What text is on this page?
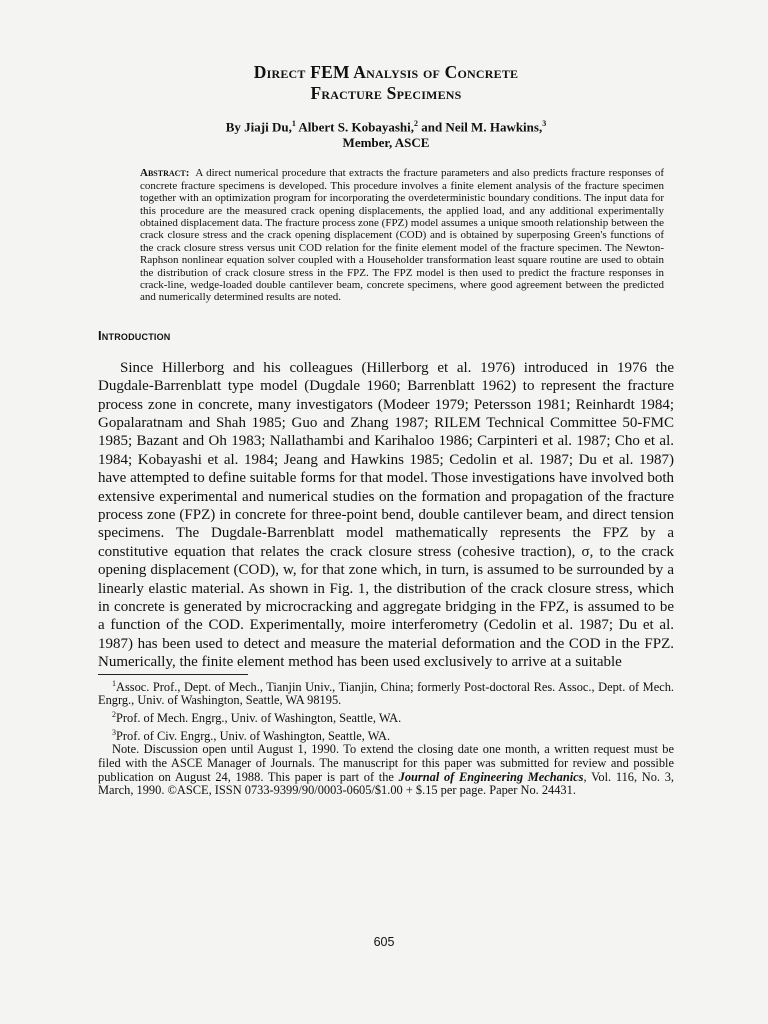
Direct FEM Analysis of Concrete
Fracture Specimens
By Jiaji Du,$^1$ Albert S. Kobayashi,$^2$ and Neil M. Hawkins,$^3$
Member, ASCE
Abstract: A direct numerical procedure that extracts the fracture parameters and also predicts fracture responses of concrete fracture specimens is developed. This procedure involves a finite element analysis of the fracture specimen together with an optimization program for incorporating the overdeterministic boundary conditions. The input data for this procedure are the measured crack opening displacements, the applied load, and any additional experimentally obtained displacement data. The fracture process zone (FPZ) model assumes a unique smooth relationship between the crack closure stress and the crack opening displacement (COD) and is obtained by superposing Green's functions of the crack closure stress versus unit COD relation for the finite element model of the fracture specimen. The Newton-Raphson nonlinear equation solver coupled with a Householder transformation least square routine are used to obtain the distribution of crack closure stress in the FPZ. The FPZ model is then used to predict the fracture responses in crack-line, wedge-loaded double cantilever beam, concrete specimens, where good agreement between the predicted and numerically determined results are noted.
Introduction
Since Hillerborg and his colleagues (Hillerborg et al. 1976) introduced in 1976 the Dugdale-Barrenblatt type model (Dugdale 1960; Barrenblatt 1962) to represent the fracture process zone in concrete, many investigators (Modeer 1979; Petersson 1981; Reinhardt 1984; Gopalaratnam and Shah 1985; Guo and Zhang 1987; RILEM Technical Committee 50-FMC 1985; Bazant and Oh 1983; Nallathambi and Karihaloo 1986; Carpinteri et al. 1987; Cho et al. 1984; Kobayashi et al. 1984; Jeang and Hawkins 1985; Cedolin et al. 1987; Du et al. 1987) have attempted to define suitable forms for that model. Those investigations have involved both extensive experimental and numerical studies on the formation and propagation of the fracture process zone (FPZ) in concrete for three-point bend, double cantilever beam, and direct tension specimens. The Dugdale-Barrenblatt model mathematically represents the FPZ by a constitutive equation that relates the crack closure stress (cohesive traction), σ, to the crack opening displacement (COD), w, for that zone which, in turn, is assumed to be surrounded by a linearly elastic material. As shown in Fig. 1, the distribution of the crack closure stress, which in concrete is generated by microcracking and aggregate bridging in the FPZ, is assumed to be a function of the COD. Experimentally, moire interferometry (Cedolin et al. 1987; Du et al. 1987) has been used to detect and measure the material deformation and the COD in the FPZ. Numerically, the finite element method has been used exclusively to arrive at a suitable

$^1$Assoc. Prof., Dept. of Mech., Tianjin Univ., Tianjin, China; formerly Post-doctoral Res. Assoc., Dept. of Mech. Engrg., Univ. of Washington, Seattle, WA 98195.

$^2$Prof. of Mech. Engrg., Univ. of Washington, Seattle, WA.

$^3$Prof. of Civ. Engrg., Univ. of Washington, Seattle, WA.

Note. Discussion open until August 1, 1990. To extend the closing date one month, a written request must be filed with the ASCE Manager of Journals. The manuscript for this paper was submitted for review and possible publication on August 24, 1988. This paper is part of the Journal of Engineering Mechanics, Vol. 116, No. 3, March, 1990. ©ASCE, ISSN 0733-9399/90/0003-0605/$1.00 + $.15 per page. Paper No. 24431.

605
